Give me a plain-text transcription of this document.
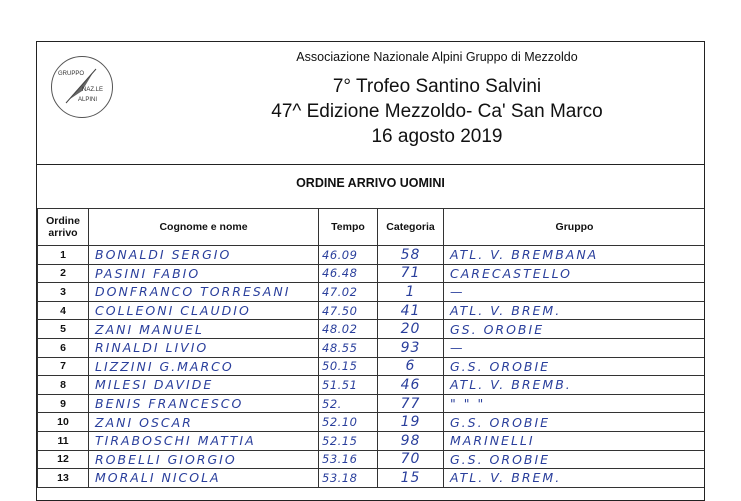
GRUPPO
NAZ.LE
ALPINI
Associazione Nazionale Alpini Gruppo di Mezzoldo
7° Trofeo Santino Salvini
47^ Edizione Mezzoldo- Ca' San Marco
16 agosto 2019
ORDINE ARRIVO UOMINI
Ordine arrivo	Cognome e nome	Tempo	Categoria	Gruppo
1	BONALDI SERGIO	46.09	58	ATL. V. BREMBANA
2	PASINI FABIO	46.48	71	CARECASTELLO
3	DONFRANCO TORRESANI	47.02	1	—
4	COLLEONI CLAUDIO	47.50	41	ATL. V. BREM.
5	ZANI MANUEL	48.02	20	GS. OROBIE
6	RINALDI LIVIO	48.55	93	—
7	LIZZINI G.MARCO	50.15	6	G.S. OROBIE
8	MILESI DAVIDE	51.51	46	ATL. V. BREMB.
9	BENIS FRANCESCO	52.	77	" " "
10	ZANI OSCAR	52.10	19	G.S. OROBIE
11	TIRABOSCHI MATTIA	52.15	98	MARINELLI
12	ROBELLI GIORGIO	53.16	70	G.S. OROBIE
13	MORALI NICOLA	53.18	15	ATL. V. BREM.
